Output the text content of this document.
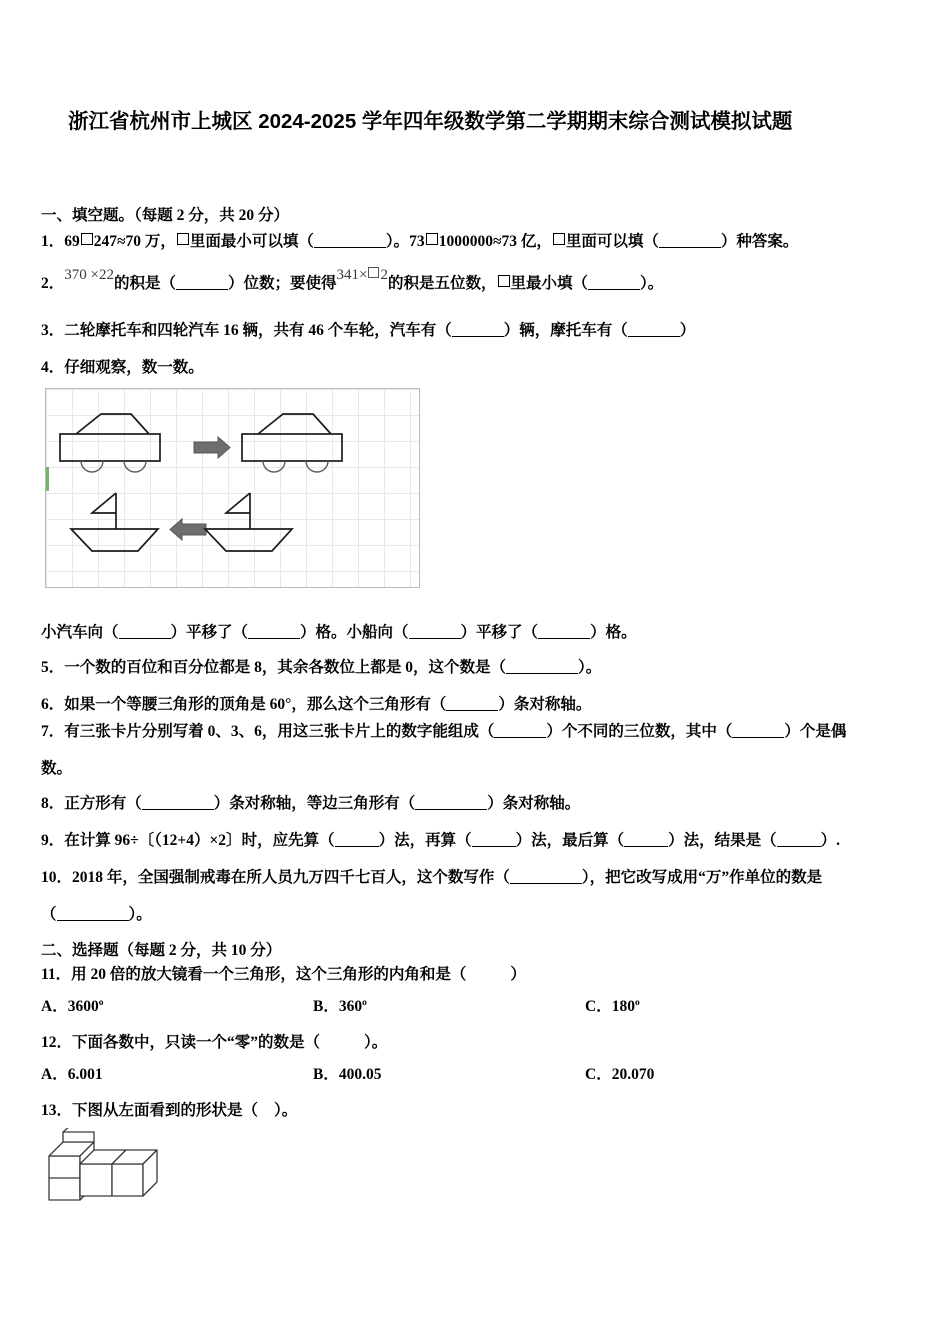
浙江省杭州市上城区 2024-2025 学年四年级数学第二学期期末综合测试模拟试题
一、填空题。（每题 2 分，共 20 分）
1．69 247≈70 万， 里面最小可以填（	）。73 1000000≈73 亿， 里面可以填（	）种答案。
2．370 ×22的积是（	）位数；要使得341× 2的积是五位数， 里最小填（	）。
3．二轮摩托车和四轮汽车 16 辆，共有 46 个车轮，汽车有（	）辆，摩托车有（	）
4．仔细观察，数一数。
小汽车向（	）平移了（	）格。小船向（	）平移了（	）格。
5．一个数的百位和百分位都是 8，其余各数位上都是 0，这个数是（	）。
6．如果一个等腰三角形的顶角是 60°，那么这个三角形有（	）条对称轴。
7．有三张卡片分别写着 0、3、6，用这三张卡片上的数字能组成（	）个不同的三位数，其中（	）个是偶
数。
8．正方形有（	）条对称轴，等边三角形有（	）条对称轴。
9．在计算 96÷〔（12+4）×2〕时，应先算（	）法，再算（	）法，最后算（	）法，结果是（	）.
10．2018 年，全国强制戒毒在所人员九万四千七百人，这个数写作（	），把它改写成用“万”作单位的数是
（	）。
二、选择题（每题 2 分，共 10 分）
11．用 20 倍的放大镜看一个三角形，这个三角形的内角和是（	）
A．3600$^o$	B．360$^o$	C．180$^o$
12．下面各数中，只读一个“零”的数是（	）。
A．6.001	B．400.05	C．20.070
13．下图从左面看到的形状是（ ）。
